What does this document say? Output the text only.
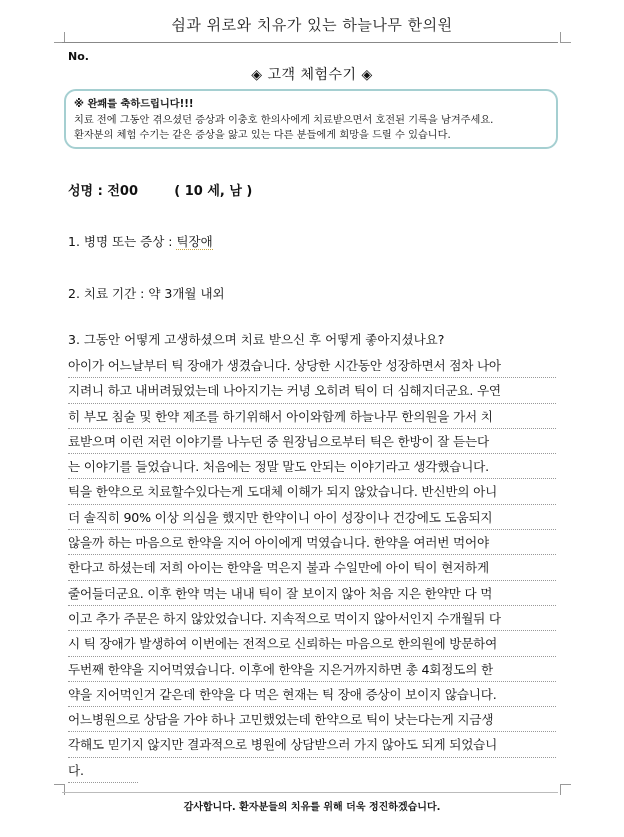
쉼과 위로와 치유가 있는 하늘나무 한의원
No.
◈ 고객 체험수기 ◈
※ 완쾌를 축하드립니다!!!
치료 전에 그동안 겪으셨던 증상과 이충호 한의사에게 치료받으면서 호전된 기록을 남겨주세요.
환자분의 체험 수기는 같은 증상을 앓고 있는 다른 분들에게 희망을 드릴 수 있습니다.
성명 : 전00	( 10 세, 남 )
1. 병명 또는 증상 : 틱장애
2. 치료 기간 : 약 3개월 내외
3. 그동안 어떻게 고생하셨으며 치료 받으신 후 어떻게 좋아지셨나요?
아이가 어느날부터 틱 장애가 생겼습니다. 상당한 시간동안 성장하면서 점차 나아
지려니 하고 내버려뒀었는데 나아지기는 커녕 오히려 틱이 더 심해지더군요. 우연
히 부모 침술 및 한약 제조를 하기위해서 아이와함께 하늘나무 한의원을 가서 치
료받으며 이런 저런 이야기를 나누던 중 원장님으로부터 틱은 한방이 잘 듣는다
는 이야기를 들었습니다. 처음에는 정말 말도 안되는 이야기라고 생각했습니다.
틱을 한약으로 치료할수있다는게 도대체 이해가 되지 않았습니다. 반신반의 아니
더 솔직히 90% 이상 의심을 했지만 한약이니 아이 성장이나 건강에도 도움되지
않을까 하는 마음으로 한약을 지어 아이에게 먹였습니다. 한약을 여러번 먹어야
한다고 하셨는데 저희 아이는 한약을 먹은지 불과 수일만에 아이 틱이 현저하게
줄어들더군요. 이후 한약 먹는 내내 틱이 잘 보이지 않아 처음 지은 한약만 다 먹
이고 추가 주문은 하지 않았었습니다. 지속적으로 먹이지 않아서인지 수개월뒤 다
시 틱 장애가 발생하여 이번에는 전적으로 신뢰하는 마음으로 한의원에 방문하여
두번째 한약을 지어먹였습니다. 이후에 한약을 지은거까지하면 총 4회정도의 한
약을 지어먹인거 같은데 한약을 다 먹은 현재는 틱 장애 증상이 보이지 않습니다.
어느병원으로 상담을 가야 하나 고민했었는데 한약으로 틱이 낫는다는게 지금생
각해도 믿기지 않지만 결과적으로 병원에 상담받으러 가지 않아도 되게 되었습니
다.
감사합니다. 환자분들의 치유를 위해 더욱 정진하겠습니다.
